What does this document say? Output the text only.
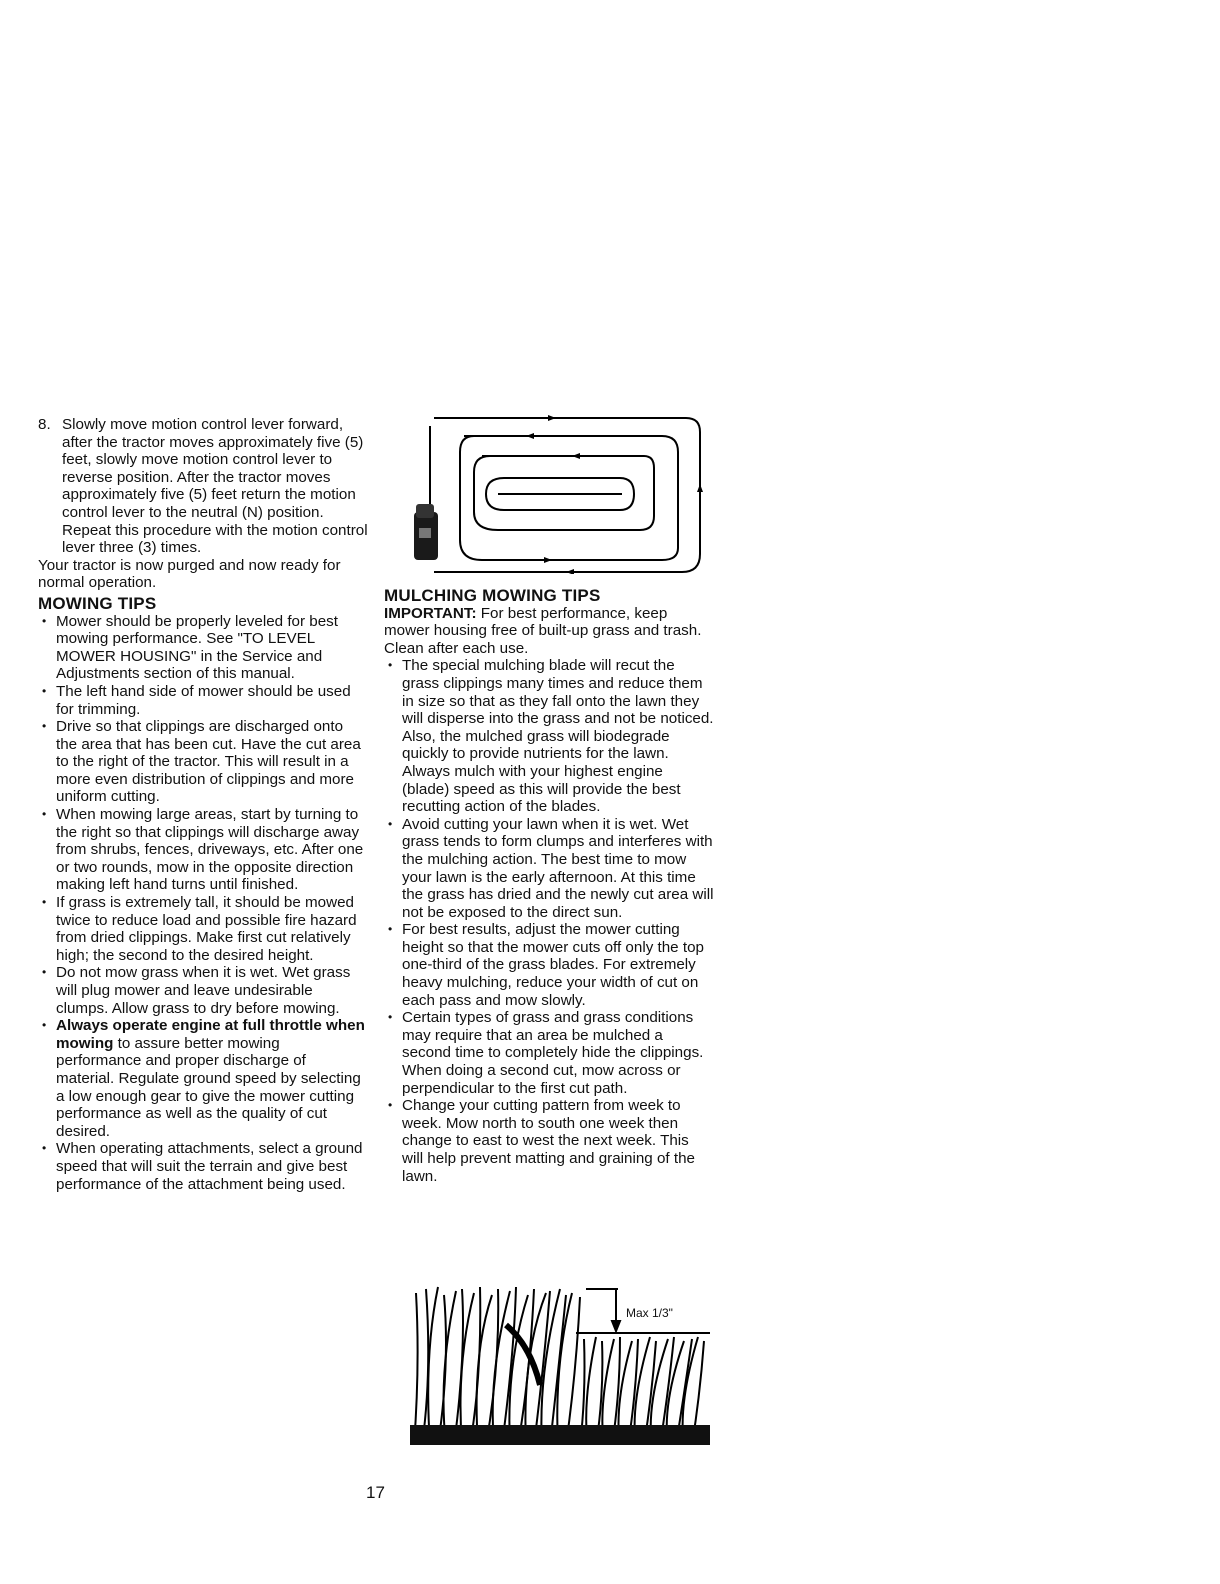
8. Slowly move motion control lever forward, after the tractor moves approximately five (5) feet, slowly move motion control lever to reverse position. After the tractor moves approximately five (5) feet return the motion control lever to the neutral (N) position. Repeat this procedure with the motion control lever three (3) times.
Your tractor is now purged and now ready for normal operation.
MOWING TIPS
• Mower should be properly leveled for best mowing performance. See "TO LEVEL MOWER HOUSING" in the Service and Adjustments section of this manual.
• The left hand side of mower should be used for trimming.
• Drive so that clippings are discharged onto the area that has been cut. Have the cut area to the right of the tractor. This will result in a more even distribution of clippings and more uniform cutting.
• When mowing large areas, start by turning to the right so that clippings will discharge away from shrubs, fences, driveways, etc. After one or two rounds, mow in the opposite direction making left hand turns until finished.
• If grass is extremely tall, it should be mowed twice to reduce load and possible fire hazard from dried clippings. Make first cut relatively high; the second to the desired height.
• Do not mow grass when it is wet. Wet grass will plug mower and leave undesirable clumps. Allow grass to dry before mowing.
• Always operate engine at full throttle when mowing to assure better mowing performance and proper discharge of material. Regulate ground speed by selecting a low enough gear to give the mower cutting performance as well as the quality of cut desired.
• When operating attachments, select a ground speed that will suit the terrain and give best performance of the attachment being used.
MULCHING MOWING TIPS
IMPORTANT: For best performance, keep mower housing free of built-up grass and trash. Clean after each use.
• The special mulching blade will recut the grass clippings many times and reduce them in size so that as they fall onto the lawn they will disperse into the grass and not be noticed. Also, the mulched grass will biodegrade quickly to provide nutrients for the lawn. Always mulch with your highest engine (blade) speed as this will provide the best recutting action of the blades.
• Avoid cutting your lawn when it is wet. Wet grass tends to form clumps and interferes with the mulching action. The best time to mow your lawn is the early afternoon. At this time the grass has dried and the newly cut area will not be exposed to the direct sun.
• For best results, adjust the mower cutting height so that the mower cuts off only the top one-third of the grass blades. For extremely heavy mulching, reduce your width of cut on each pass and mow slowly.
• Certain types of grass and grass conditions may require that an area be mulched a second time to completely hide the clippings. When doing a second cut, mow across or perpendicular to the first cut path.
• Change your cutting pattern from week to week. Mow north to south one week then change to east to west the next week. This will help prevent matting and graining of the lawn.
Max 1/3"
17
